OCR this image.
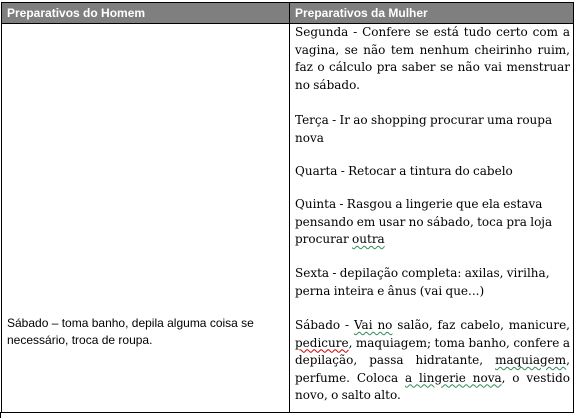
Preparativos do Homem	Preparativos da Mulher
Segunda - Confere se está tudo certo com a vagina, se não tem nenhum cheirinho ruim, faz o cálculo pra saber se não vai menstruar no sábado.
Terça - Ir ao shopping procurar uma roupa nova
Quarta - Retocar a tintura do cabelo
Quinta - Rasgou a lingerie que ela estava pensando em usar no sábado, toca pra loja procurar outra
Sexta - depilação completa: axilas, virilha, perna inteira e ânus (vai que...)
Sábado - Vai no salão, faz cabelo, manicure, pedicure, maquiagem; toma banho, confere a depilação, passa hidratante, maquiagem, perfume. Coloca a lingerie nova, o vestido novo, o salto alto.
Sábado – toma banho, depila alguma coisa se necessário, troca de roupa.
